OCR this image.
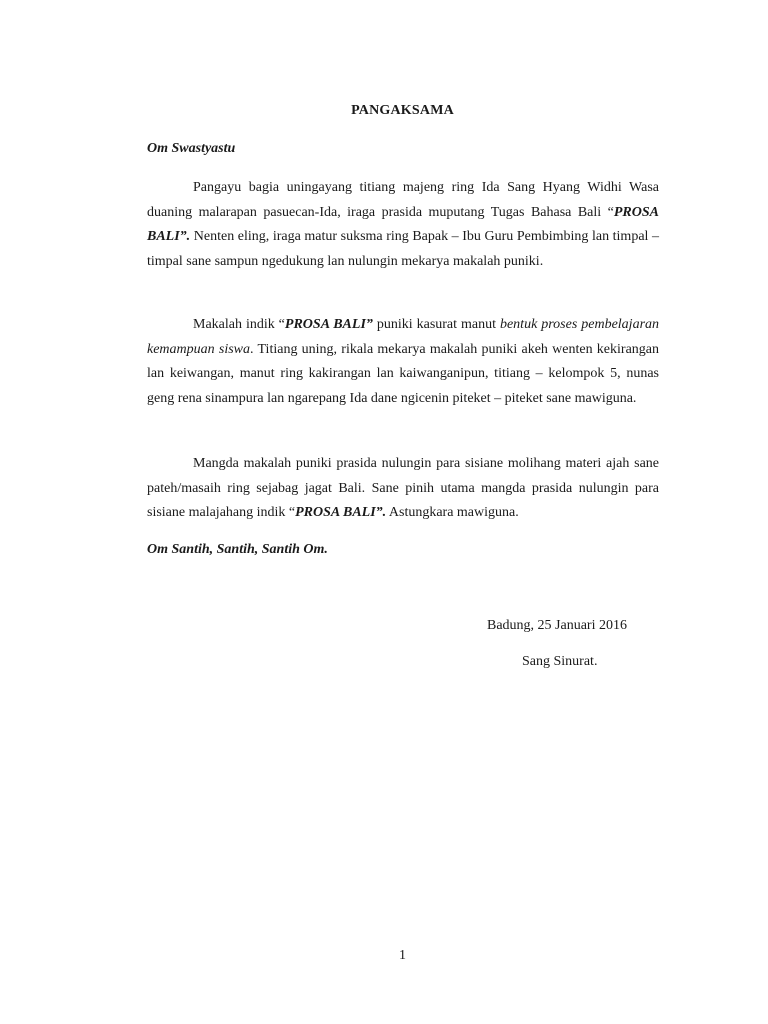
PANGAKSAMA
Om Swastyastu

Pangayu bagia uningayang titiang majeng ring Ida Sang Hyang Widhi Wasa duaning malarapan pasuecan-Ida, iraga prasida muputang Tugas Bahasa Bali “PROSA BALI”. Nenten eling, iraga matur suksma ring Bapak – Ibu Guru Pembimbing lan timpal – timpal sane sampun ngedukung lan nulungin mekarya makalah puniki.

Makalah indik “PROSA BALI” puniki kasurat manut bentuk proses pembelajaran kemampuan siswa. Titiang uning, rikala mekarya makalah puniki akeh wenten kekirangan lan keiwangan, manut ring kakirangan lan kaiwanganipun, titiang – kelompok 5, nunas geng rena sinampura lan ngarepang Ida dane ngicenin piteket – piteket sane mawiguna.

Mangda makalah puniki prasida nulungin para sisiane molihang materi ajah sane pateh/masaih ring sejabag jagat Bali. Sane pinih utama mangda prasida nulungin para sisiane malajahang indik “PROSA BALI”. Astungkara mawiguna.

Om Santih, Santih, Santih Om.
Badung, 25 Januari 2016
Sang Sinurat.
1
